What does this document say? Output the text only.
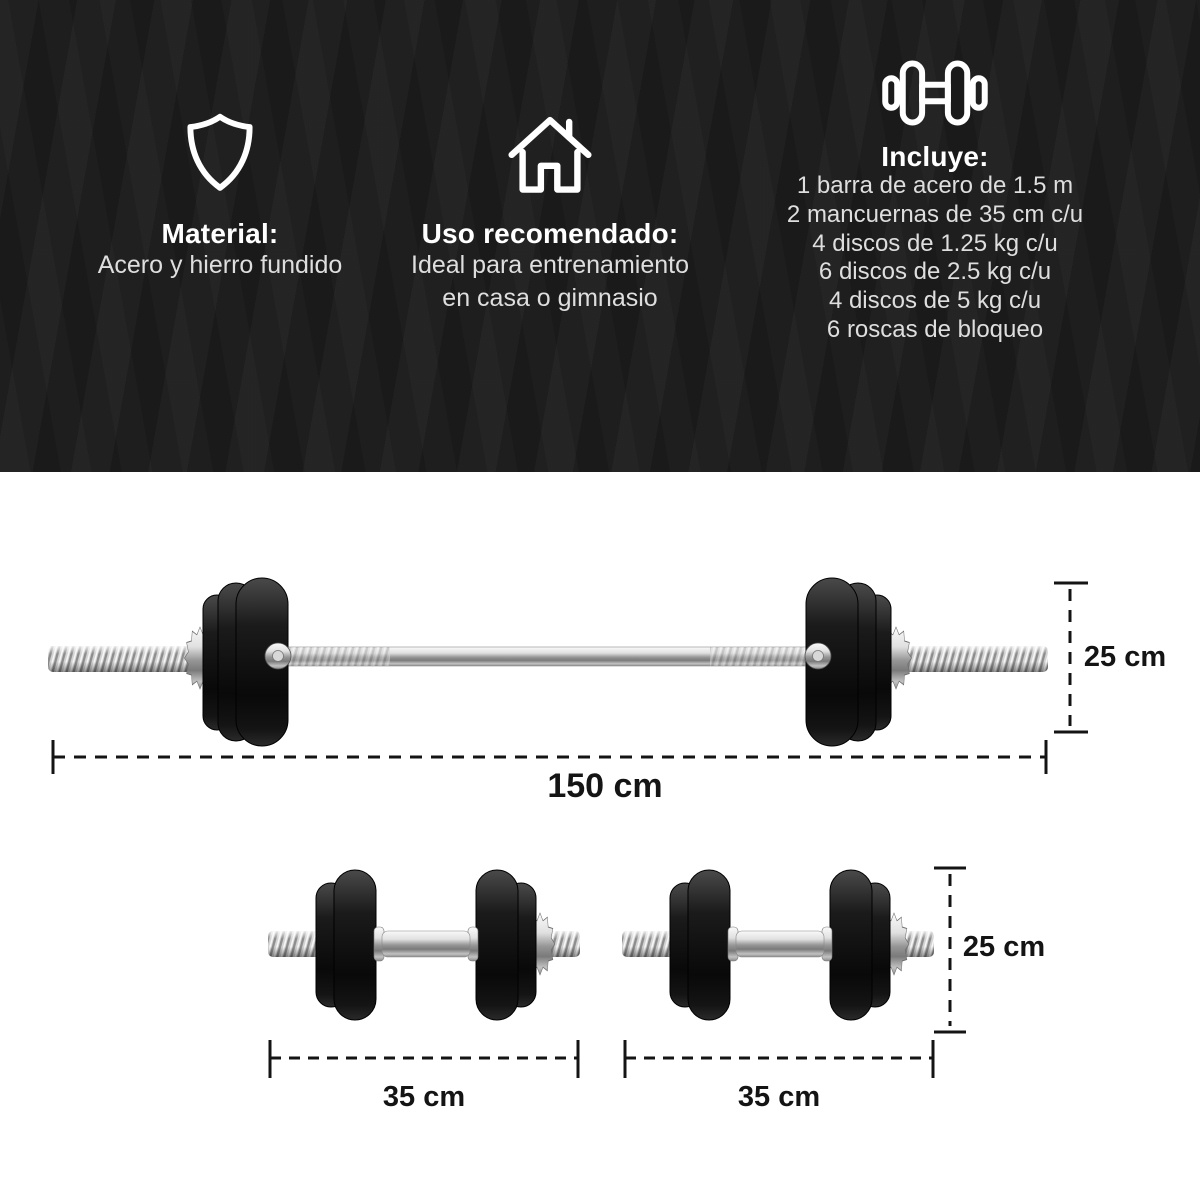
Material:

Acero y hierro fundido

Uso recomendado:

Ideal para entrenamiento

en casa o gimnasio

Incluye:

1 barra de acero de 1.5 m

2 mancuernas de 35 cm c/u

4 discos de 1.25 kg c/u

6 discos de 2.5 kg c/u

4 discos de 5 kg c/u

6 roscas de bloqueo

25 cm
150 cm
25 cm
35 cm	35 cm
